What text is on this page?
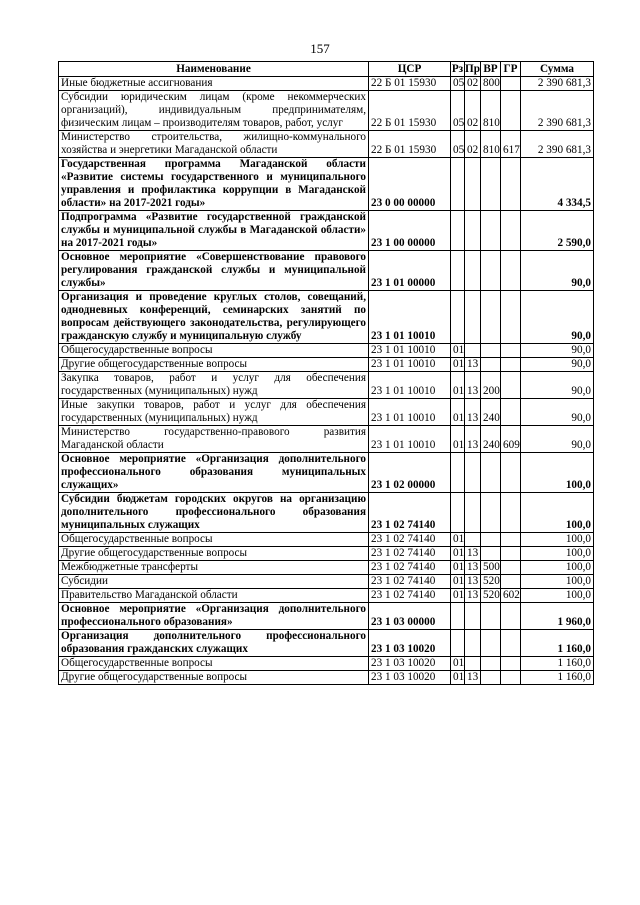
157
Наименование	ЦСР	Рз	Пр	ВР	ГР	Сумма
Иные бюджетные ассигнования	22 Б 01 15930	05	02	800		2 390 681,3
Субсидии юридическим лицам (кроме некоммерческих организаций), индивидуальным предпринимателям, физическим лицам – производителям товаров, работ, услуг	22 Б 01 15930	05	02	810		2 390 681,3
Министерство строительства, жилищно-коммунального хозяйства и энергетики Магаданской области	22 Б 01 15930	05	02	810	617	2 390 681,3
Государственная программа Магаданской области «Развитие системы государственного и муниципального управления и профилактика коррупции в Магаданской области» на 2017-2021 годы»	23 0 00 00000					4 334,5
Подпрограмма «Развитие государственной гражданской службы и муниципальной службы в Магаданской области» на 2017-2021 годы»	23 1 00 00000					2 590,0
Основное мероприятие «Совершенствование правового регулирования гражданской службы и муниципальной службы»	23 1 01 00000					90,0
Организация и проведение круглых столов, совещаний, однодневных конференций, семинарских занятий по вопросам действующего законодательства, регулирующего гражданскую службу и муниципальную службу	23 1 01 10010					90,0
Общегосударственные вопросы	23 1 01 10010	01				90,0
Другие общегосударственные вопросы	23 1 01 10010	01	13			90,0
Закупка товаров, работ и услуг для обеспечения государственных (муниципальных) нужд	23 1 01 10010	01	13	200		90,0
Иные закупки товаров, работ и услуг для обеспечения государственных (муниципальных) нужд	23 1 01 10010	01	13	240		90,0
Министерство государственно-правового развития Магаданской области	23 1 01 10010	01	13	240	609	90,0
Основное мероприятие «Организация дополнительного профессионального образования муниципальных служащих»	23 1 02 00000					100,0
Субсидии бюджетам городских округов на организацию дополнительного профессионального образования муниципальных служащих	23 1 02 74140					100,0
Общегосударственные вопросы	23 1 02 74140	01				100,0
Другие общегосударственные вопросы	23 1 02 74140	01	13			100,0
Межбюджетные трансферты	23 1 02 74140	01	13	500		100,0
Субсидии	23 1 02 74140	01	13	520		100,0
Правительство Магаданской области	23 1 02 74140	01	13	520	602	100,0
Основное мероприятие «Организация дополнительного профессионального образования»	23 1 03 00000					1 960,0
Организация дополнительного профессионального образования гражданских служащих	23 1 03 10020					1 160,0
Общегосударственные вопросы	23 1 03 10020	01				1 160,0
Другие общегосударственные вопросы	23 1 03 10020	01	13			1 160,0
